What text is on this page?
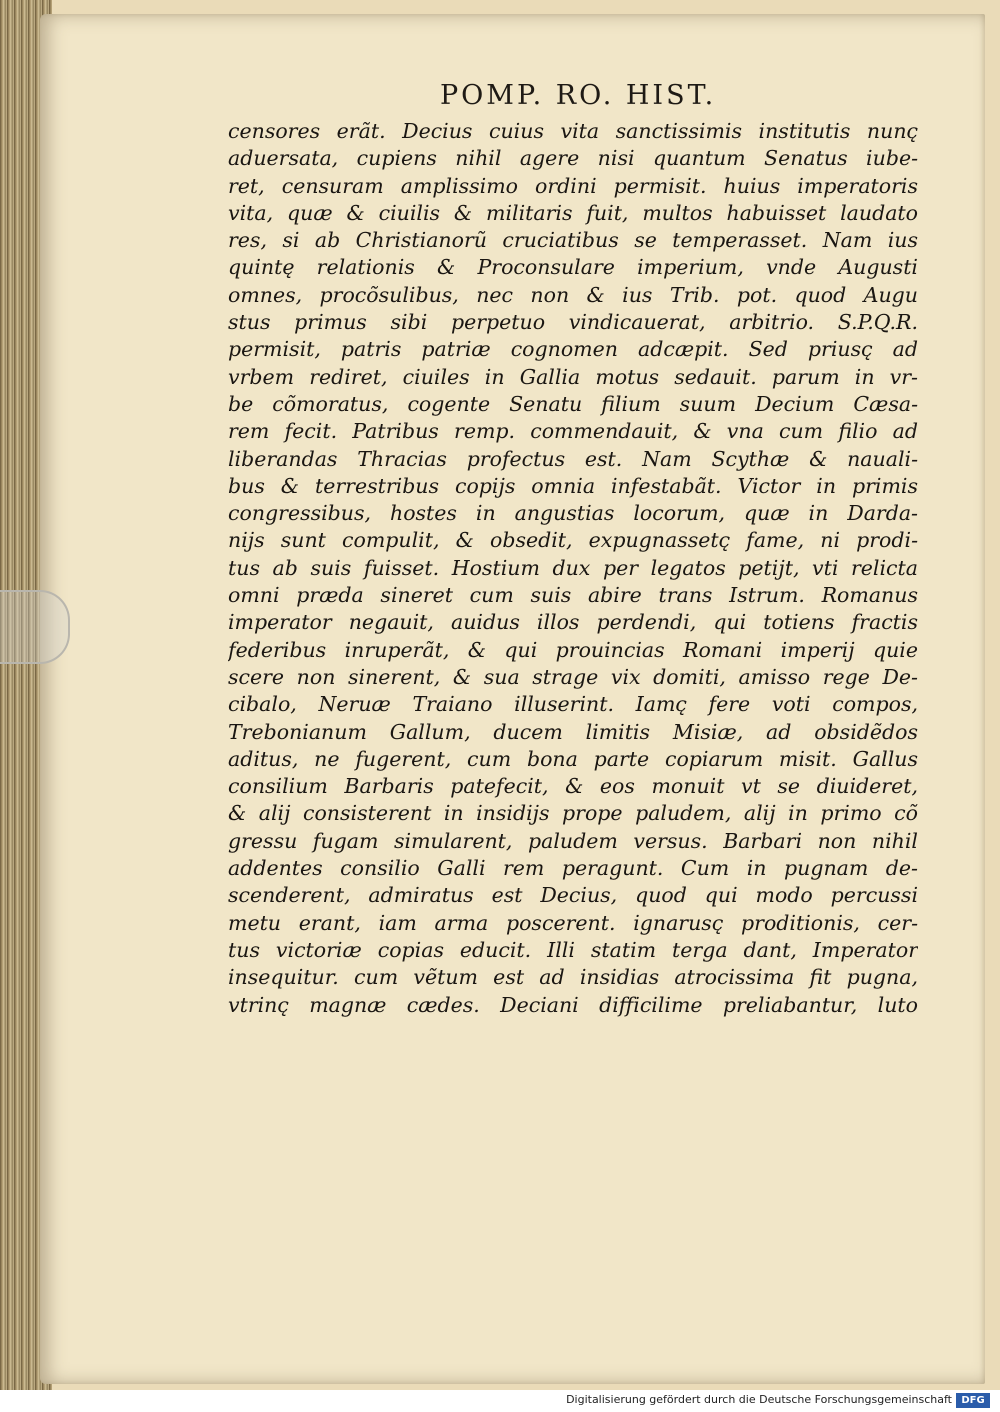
POMP. RO. HIST.
censores erãt. Decius cuius vita sanctissimis institutis nunc̨
aduersata, cupiens nihil agere nisi quantum Senatus iube-
ret, censuram amplissimo ordini permisit. huius imperatoris
vita, quæ & ciuilis & militaris fuit, multos habuisset laudato
res, si ab Christianorũ cruciatibus se temperasset. Nam ius
quintę relationis & Proconsulare imperium, vnde Augusti
omnes, procõsulibus, nec non & ius Trib. pot. quod Augu
stus primus sibi perpetuo vindicauerat, arbitrio. S.P.Q.R.
permisit, patris patriæ cognomen adcæpit. Sed priusc̨ ad
vrbem rediret, ciuiles in Gallia motus sedauit. parum in vr-
be cõmoratus, cogente Senatu filium suum Decium Cæsa-
rem fecit. Patribus remp. commendauit, & vna cum filio ad
liberandas Thracias profectus est. Nam Scythæ & nauali-
bus & terrestribus copijs omnia infestabãt. Victor in primis
congressibus, hostes in angustias locorum, quæ in Darda-
nijs sunt compulit, & obsedit, expugnassetc̨ fame, ni prodi-
tus ab suis fuisset. Hostium dux per legatos petijt, vti relicta
omni præda sineret cum suis abire trans Istrum. Romanus
imperator negauit, auidus illos perdendi, qui totiens fractis
federibus inruperãt, & qui prouincias Romani imperij quie
scere non sinerent, & sua strage vix domiti, amisso rege De-
cibalo, Neruæ Traiano illuserint. Iamc̨ fere voti compos,
Trebonianum Gallum, ducem limitis Misiæ, ad obsidẽdos
aditus, ne fugerent, cum bona parte copiarum misit. Gallus
consilium Barbaris patefecit, & eos monuit vt se diuideret,
& alij consisterent in insidijs prope paludem, alij in primo cõ
gressu fugam simularent, paludem versus. Barbari non nihil
addentes consilio Galli rem peragunt. Cum in pugnam de-
scenderent, admiratus est Decius, quod qui modo percussi
metu erant, iam arma poscerent. ignarusc̨ proditionis, cer-
tus victoriæ copias educit. Illi statim terga dant, Imperator
insequitur. cum vẽtum est ad insidias atrocissima fit pugna,
vtrinc̨ magnæ cædes. Deciani difficilime preliabantur, luto
Digitalisierung gefördert durch die Deutsche Forschungsgemeinschaft DFG
